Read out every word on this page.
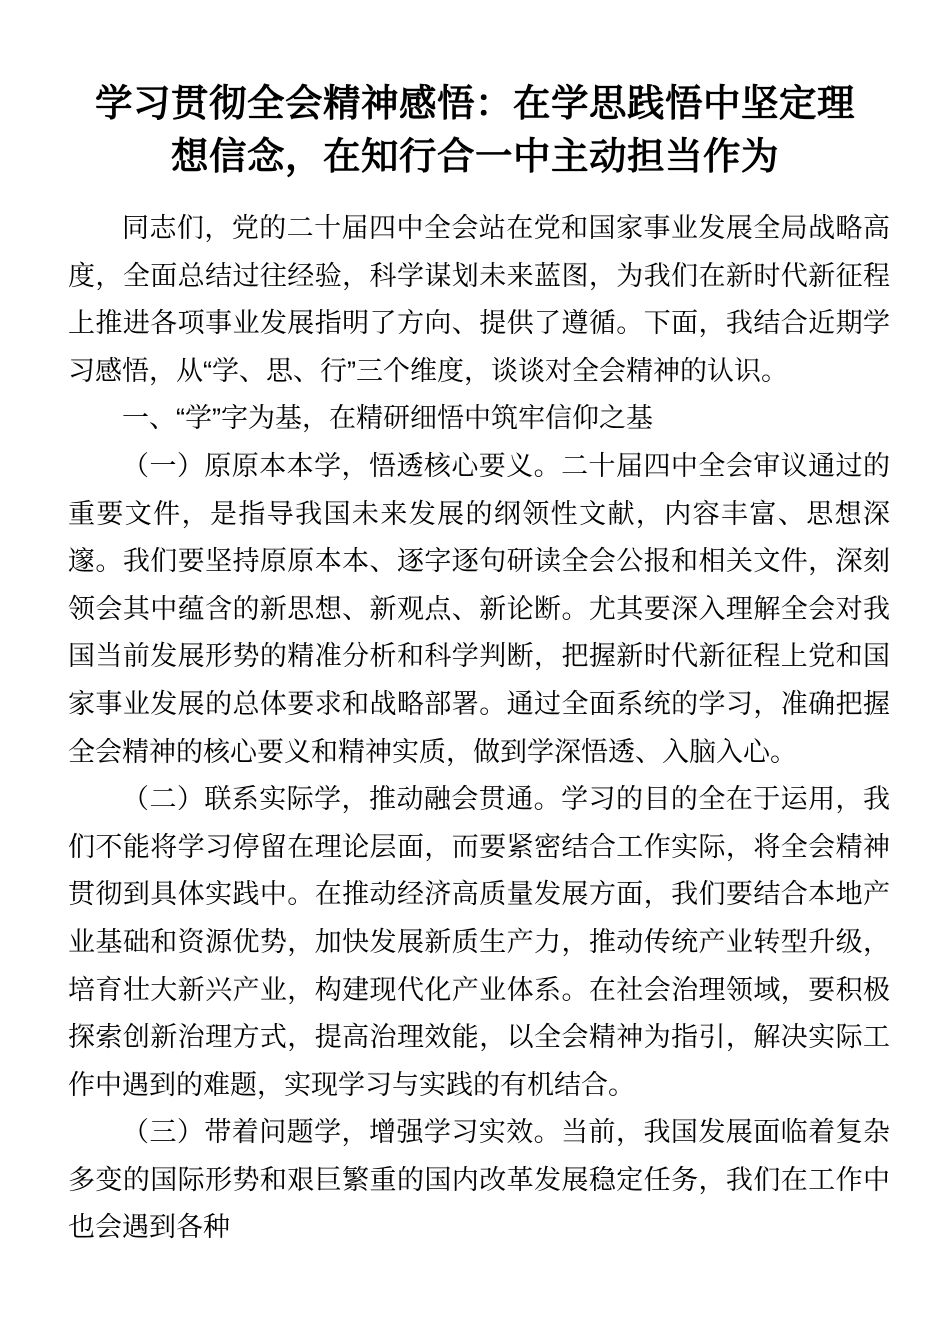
学习贯彻全会精神感悟：在学思践悟中坚定理想信念，在知行合一中主动担当作为

同志们，党的二十届四中全会站在党和国家事业发展全局战略高度，全面总结过往经验，科学谋划未来蓝图，为我们在新时代新征程上推进各项事业发展指明了方向、提供了遵循。下面，我结合近期学习感悟，从“学、思、行”三个维度，谈谈对全会精神的认识。

一、“学”字为基，在精研细悟中筑牢信仰之基

（一）原原本本学，悟透核心要义。二十届四中全会审议通过的重要文件，是指导我国未来发展的纲领性文献，内容丰富、思想深邃。我们要坚持原原本本、逐字逐句研读全会公报和相关文件，深刻领会其中蕴含的新思想、新观点、新论断。尤其要深入理解全会对我国当前发展形势的精准分析和科学判断，把握新时代新征程上党和国家事业发展的总体要求和战略部署。通过全面系统的学习，准确把握全会精神的核心要义和精神实质，做到学深悟透、入脑入心。

（二）联系实际学，推动融会贯通。学习的目的全在于运用，我们不能将学习停留在理论层面，而要紧密结合工作实际，将全会精神贯彻到具体实践中。在推动经济高质量发展方面，我们要结合本地产业基础和资源优势，加快发展新质生产力，推动传统产业转型升级，培育壮大新兴产业，构建现代化产业体系。在社会治理领域，要积极探索创新治理方式，提高治理效能，以全会精神为指引，解决实际工作中遇到的难题，实现学习与实践的有机结合。

（三）带着问题学，增强学习实效。当前，我国发展面临着复杂多变的国际形势和艰巨繁重的国内改革发展稳定任务，我们在工作中也会遇到各种
